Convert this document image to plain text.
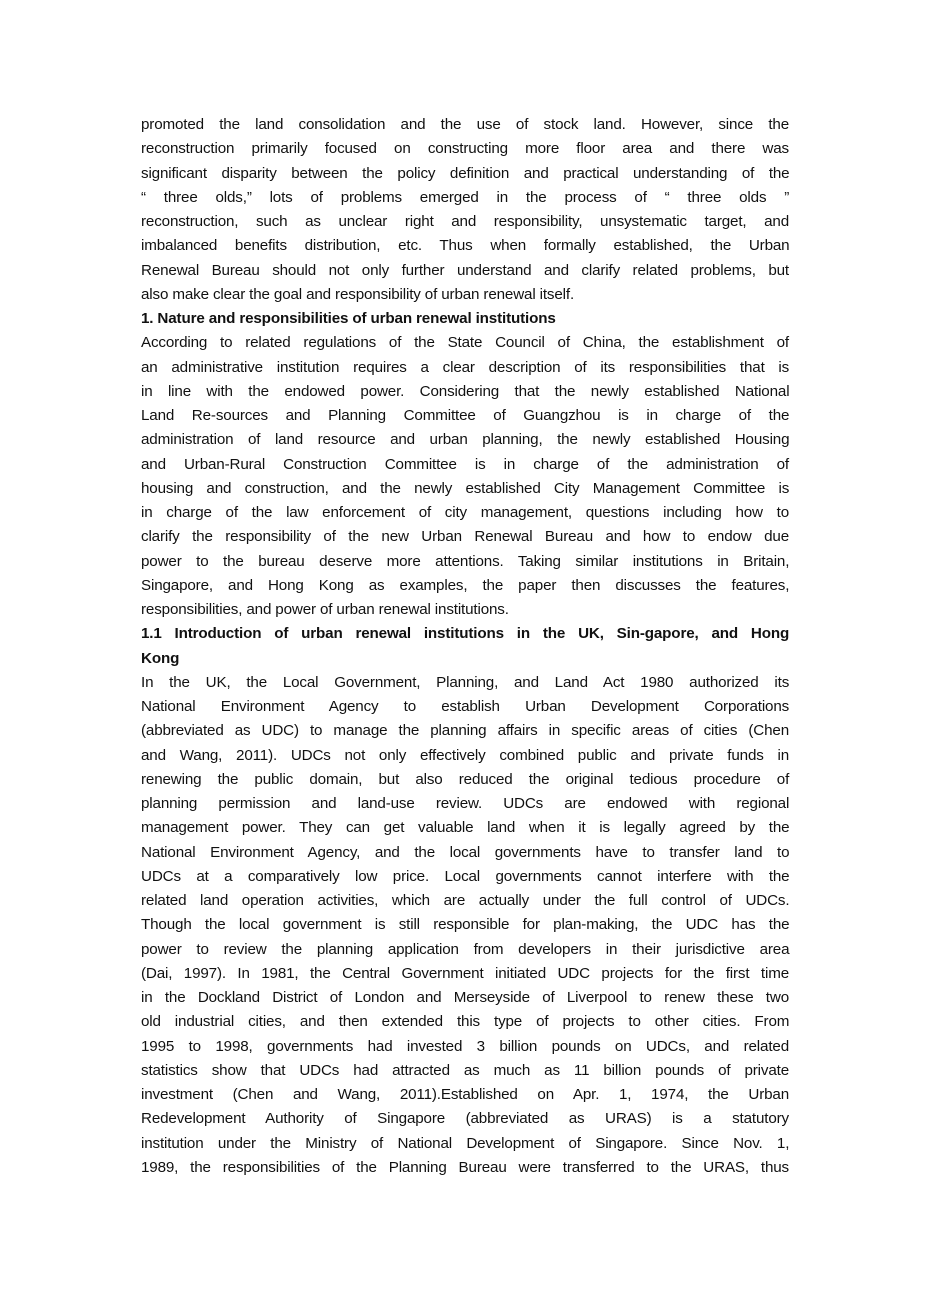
promoted the land consolidation and the use of stock land. However, since the
reconstruction primarily focused on constructing more floor area and there was
significant disparity between the policy definition and practical understanding of the
“ three olds,” lots of problems emerged in the process of “ three olds ”
reconstruction, such as unclear right and responsibility, unsystematic target, and
imbalanced benefits distribution, etc. Thus when formally established, the Urban
Renewal Bureau should not only further understand and clarify related problems, but
also make clear the goal and responsibility of urban renewal itself.
1. Nature and responsibilities of urban renewal institutions
According to related regulations of the State Council of China, the establishment of
an administrative institution requires a clear description of its responsibilities that is
in line with the endowed power. Considering that the newly established National
Land Re-sources and Planning Committee of Guangzhou is in charge of the
administration of land resource and urban planning, the newly established Housing
and Urban-Rural Construction Committee is in charge of the administration of
housing and construction, and the newly established City Management Committee is
in charge of the law enforcement of city management, questions including how to
clarify the responsibility of the new Urban Renewal Bureau and how to endow due
power to the bureau deserve more attentions. Taking similar institutions in Britain,
Singapore, and Hong Kong as examples, the paper then discusses the features,
responsibilities, and power of urban renewal institutions.
1.1 Introduction of urban renewal institutions in the UK, Sin-gapore, and Hong
Kong
In the UK, the Local Government, Planning, and Land Act 1980 authorized its
National Environment Agency to establish Urban Development Corporations
(abbreviated as UDC) to manage the planning affairs in specific areas of cities (Chen
and Wang, 2011). UDCs not only effectively combined public and private funds in
renewing the public domain, but also reduced the original tedious procedure of
planning permission and land-use review. UDCs are endowed with regional
management power. They can get valuable land when it is legally agreed by the
National Environment Agency, and the local governments have to transfer land to
UDCs at a comparatively low price. Local governments cannot interfere with the
related land operation activities, which are actually under the full control of UDCs.
Though the local government is still responsible for plan-making, the UDC has the
power to review the planning application from developers in their jurisdictive area
(Dai, 1997). In 1981, the Central Government initiated UDC projects for the first time
in the Dockland District of London and Merseyside of Liverpool to renew these two
old industrial cities, and then extended this type of projects to other cities. From
1995 to 1998, governments had invested 3 billion pounds on UDCs, and related
statistics show that UDCs had attracted as much as 11 billion pounds of private
investment (Chen and Wang, 2011).Established on Apr. 1, 1974, the Urban
Redevelopment Authority of Singapore (abbreviated as URAS) is a statutory
institution under the Ministry of National Development of Singapore. Since Nov. 1,
1989, the responsibilities of the Planning Bureau were transferred to the URAS, thus
